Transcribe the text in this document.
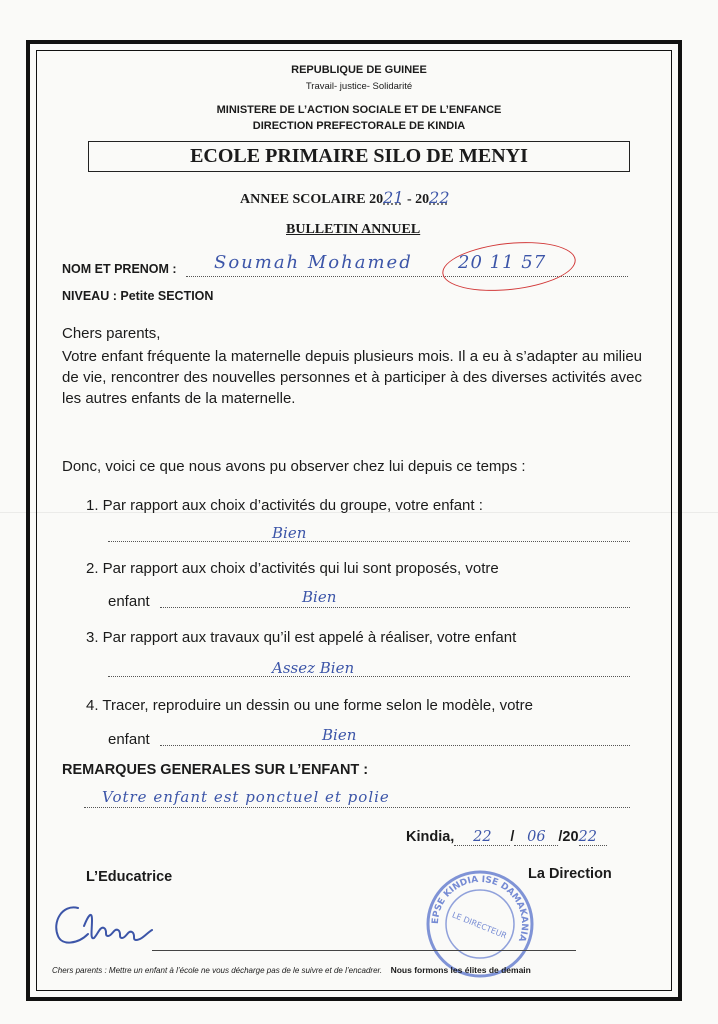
REPUBLIQUE DE GUINEE
Travail- justice- Solidarité
MINISTERE DE L’ACTION SOCIALE ET DE L’ENFANCE
DIRECTION PREFECTORALE DE KINDIA
ECOLE PRIMAIRE SILO DE MENYI
ANNEE SCOLAIRE 2021 - 2022
BULLETIN ANNUEL
NOM ET PRENOM : Soumah Mohamed	20 11 57
NIVEAU : Petite SECTION
Chers parents,
Votre enfant fréquente la maternelle depuis plusieurs mois. Il a eu à s’adapter au milieu de vie, rencontrer des nouvelles personnes et à participer à des diverses activités avec les autres enfants de la maternelle.
Donc, voici ce que nous avons pu observer chez lui depuis ce temps :
1. Par rapport aux choix d’activités du groupe, votre enfant :
Bien
2. Par rapport aux choix d’activités qui lui sont proposés, votre
enfant	Bien
3. Par rapport aux travaux qu’il est appelé à réaliser, votre enfant
Assez Bien
4. Tracer, reproduire un dessin ou une forme selon le modèle, votre
enfant	Bien
REMARQUES GENERALES SUR L’ENFANT :
Votre enfant est ponctuel et polie
Kindia, 22 / 06 /2022
L’Educatrice	La Direction
EPSE KINDIA ISE DAMAKANIA
LE DIRECTEUR
Chers parents : Mettre un enfant à l’école ne vous décharge pas de le suivre et de l’encadrer. Nous formons les élites de demain
